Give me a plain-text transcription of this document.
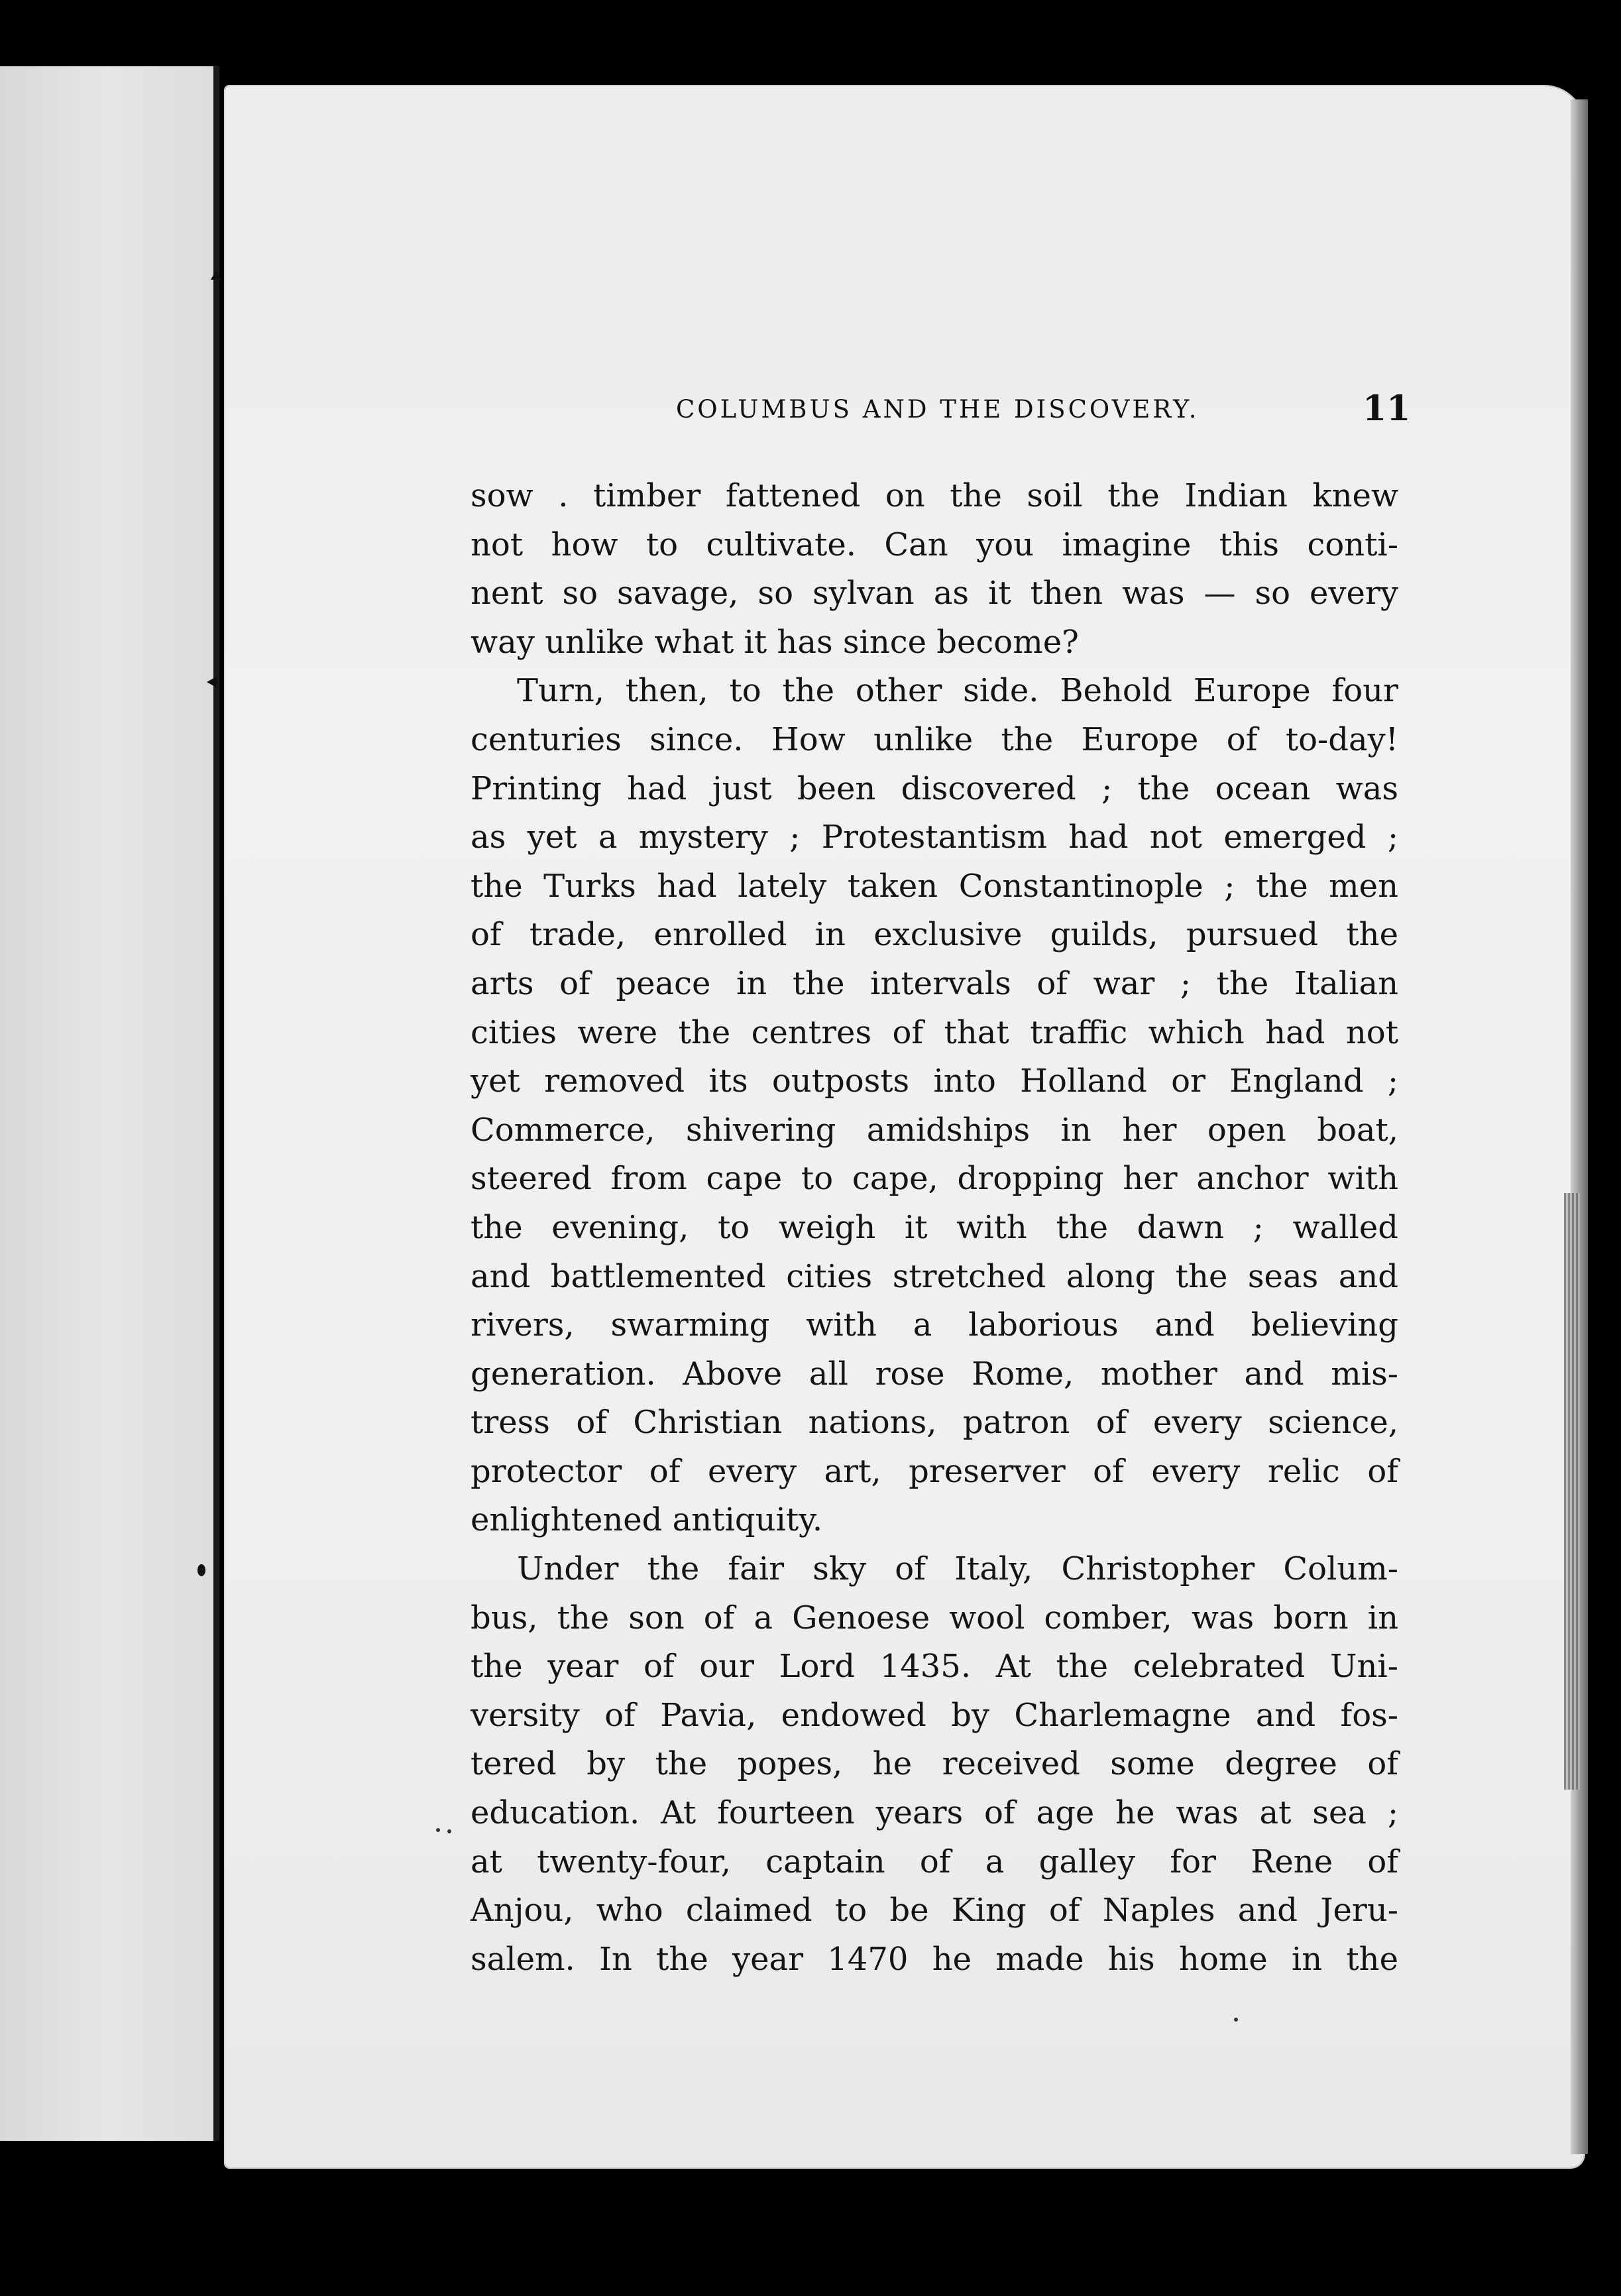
COLUMBUS AND THE DISCOVERY.	11
sow . timber fattened on the soil the Indian knew
not how to cultivate. Can you imagine this conti-
nent so savage, so sylvan as it then was — so every
way unlike what it has since become?
Turn, then, to the other side. Behold Europe four
centuries since. How unlike the Europe of to-day!
Printing had just been discovered ; the ocean was
as yet a mystery ; Protestantism had not emerged ;
the Turks had lately taken Constantinople ; the men
of trade, enrolled in exclusive guilds, pursued the
arts of peace in the intervals of war ; the Italian
cities were the centres of that traffic which had not
yet removed its outposts into Holland or England ;
Commerce, shivering amidships in her open boat,
steered from cape to cape, dropping her anchor with
the evening, to weigh it with the dawn ; walled
and battlemented cities stretched along the seas and
rivers, swarming with a laborious and believing
generation. Above all rose Rome, mother and mis-
tress of Christian nations, patron of every science,
protector of every art, preserver of every relic of
enlightened antiquity.
Under the fair sky of Italy, Christopher Colum-
bus, the son of a Genoese wool comber, was born in
the year of our Lord 1435. At the celebrated Uni-
versity of Pavia, endowed by Charlemagne and fos-
tered by the popes, he received some degree of
education. At fourteen years of age he was at sea ;
at twenty-four, captain of a galley for Rene of
Anjou, who claimed to be King of Naples and Jeru-
salem. In the year 1470 he made his home in the
